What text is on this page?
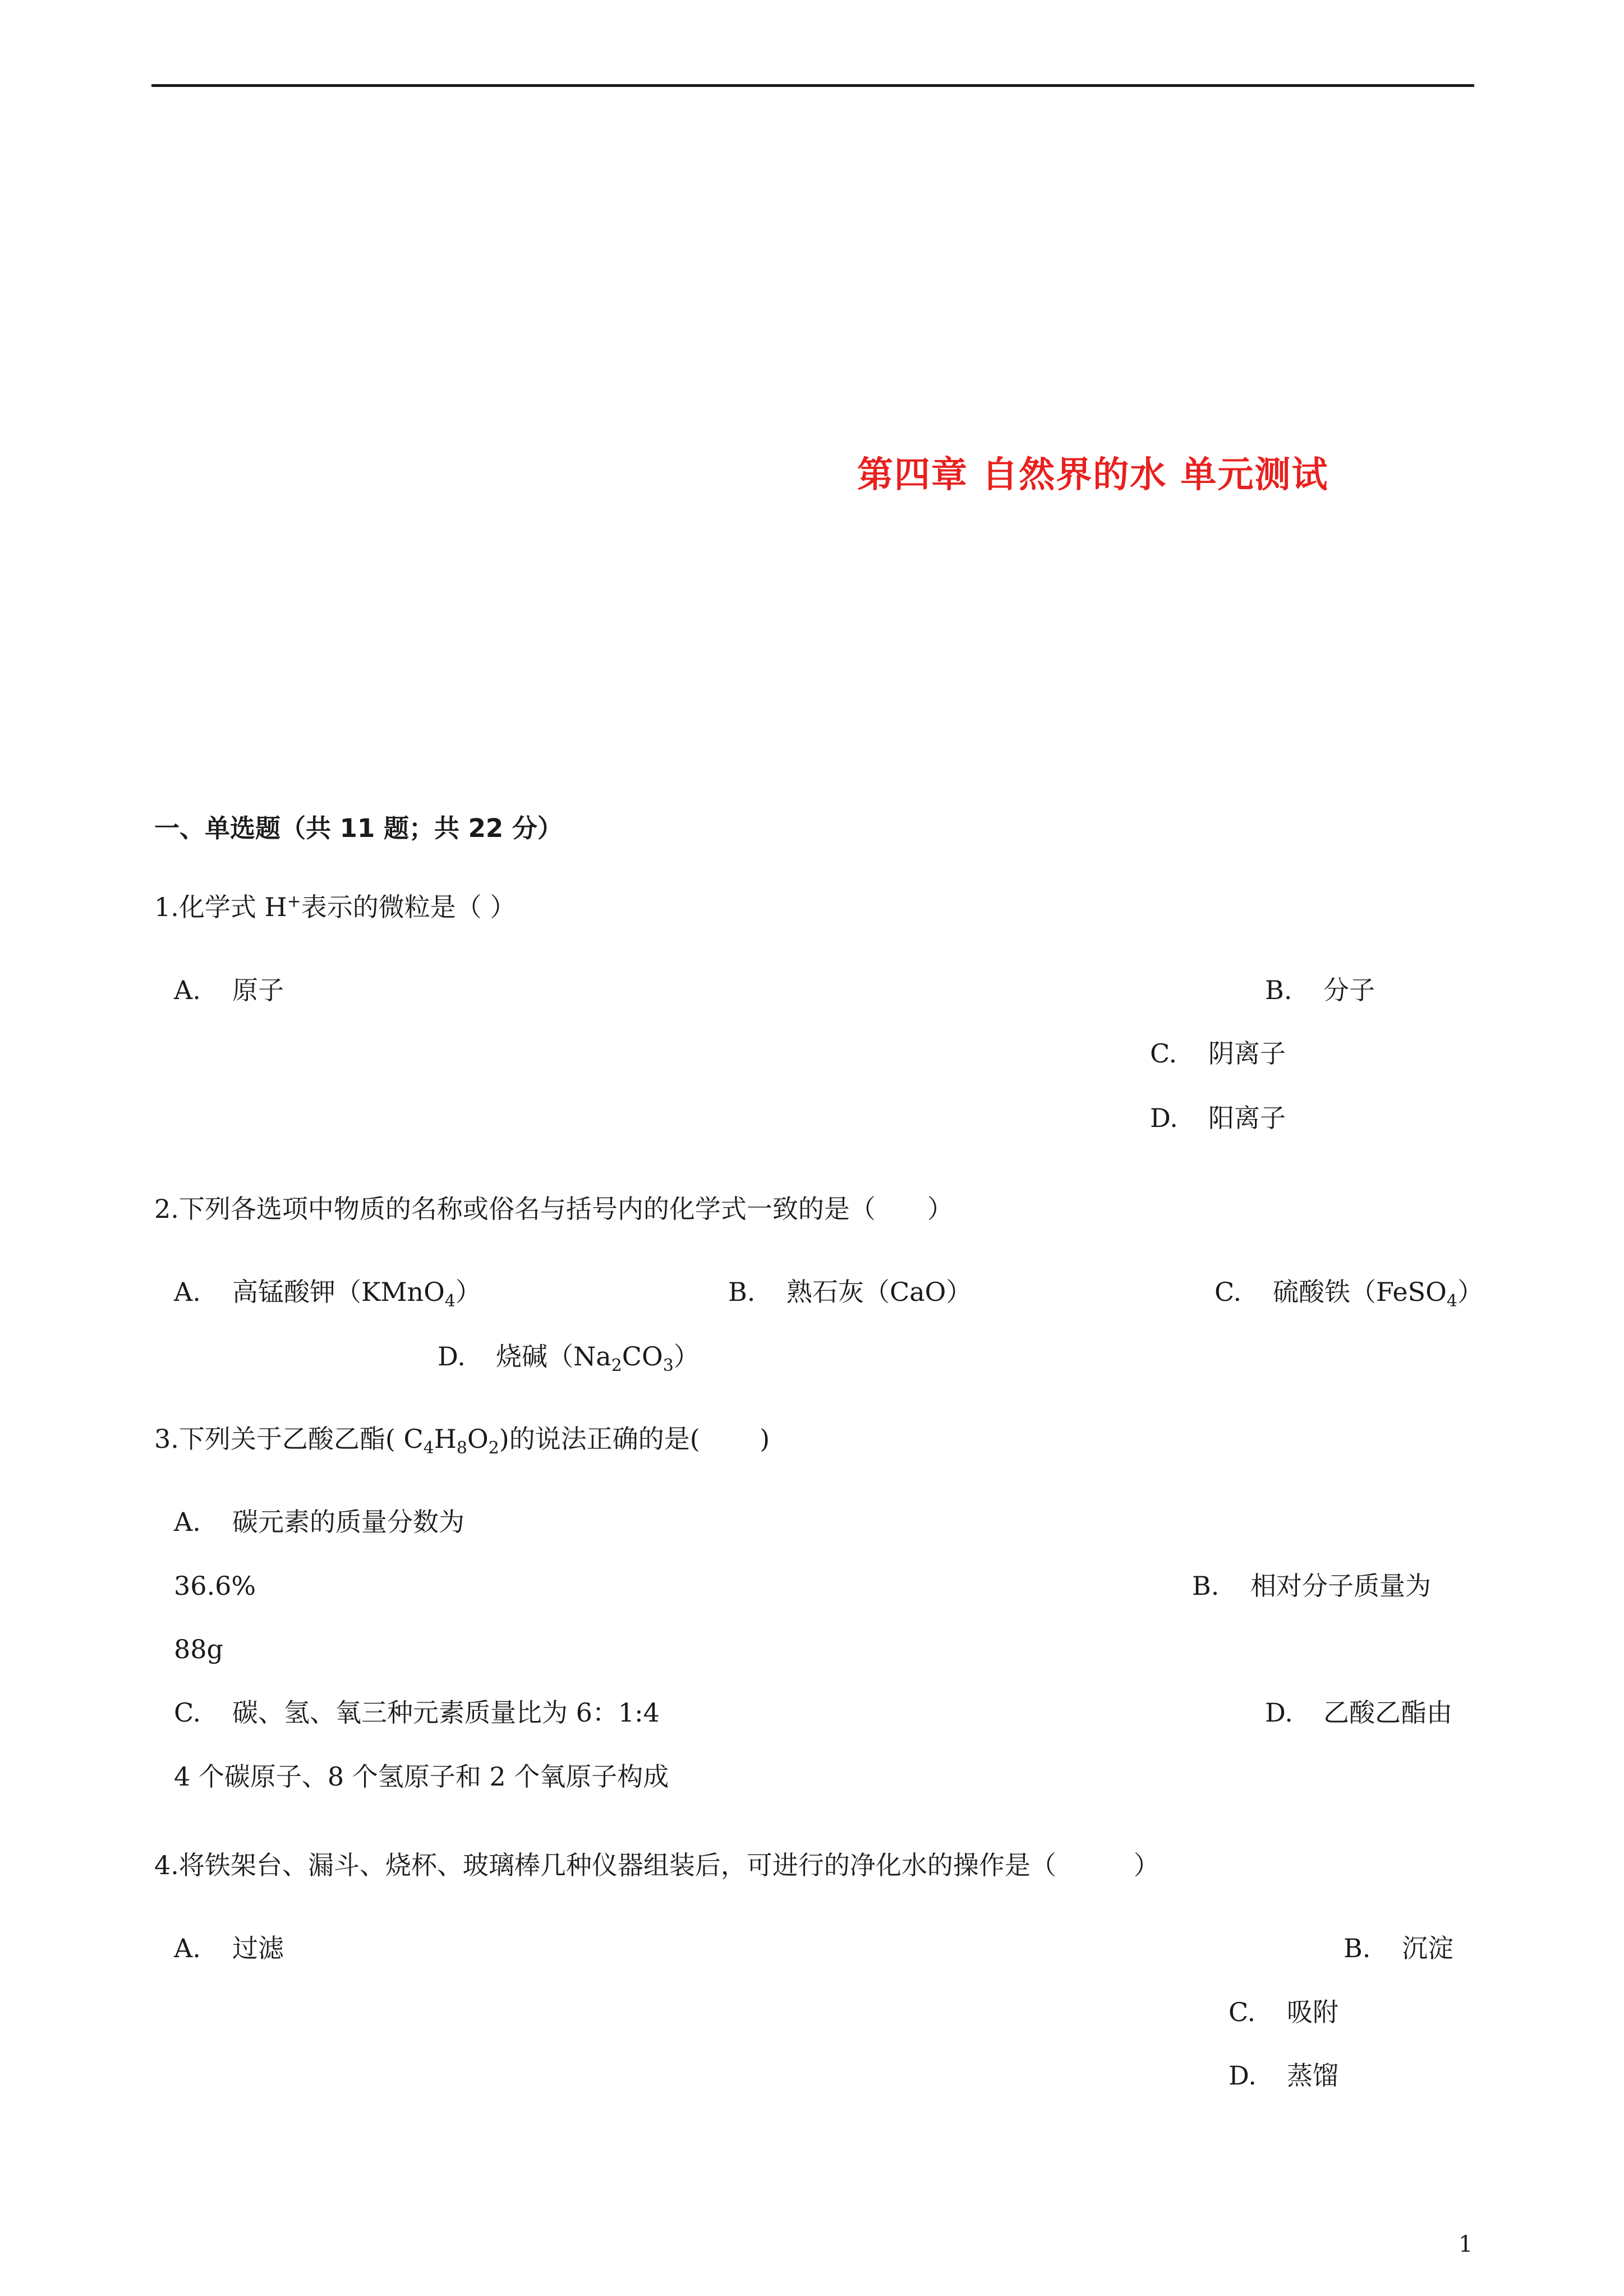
第四章 自然界的水 单元测试
一、单选题（共 11 题；共 22 分）
1.化学式 H+表示的微粒是（ ）
A. 原子	B. 分子
C. 阴离子
D. 阳离子
2.下列各选项中物质的名称或俗名与括号内的化学式一致的是（　　）
A. 高锰酸钾（KMnO$_4$）	B. 熟石灰（CaO）	C. 硫酸铁（FeSO$_4$）
D. 烧碱$(Na_2CO_3)$
3.下列关于乙酸乙酯( $C_4H_8O_2$)的说法正确的是(　　 )
A. 碳元素的质量分数为
36.6%	B. 相对分子质量为
88g
C. 碳、氢、氧三种元素质量比为 6：1:4	D. 乙酸乙酯由
4 个碳原子、8 个氢原子和 2 个氧原子构成
4.将铁架台、漏斗、烧杯、玻璃棒几种仪器组装后，可进行的净化水的操作是（　　　）
A. 过滤	B. 沉淀
C. 吸附
D. 蒸馏
1
